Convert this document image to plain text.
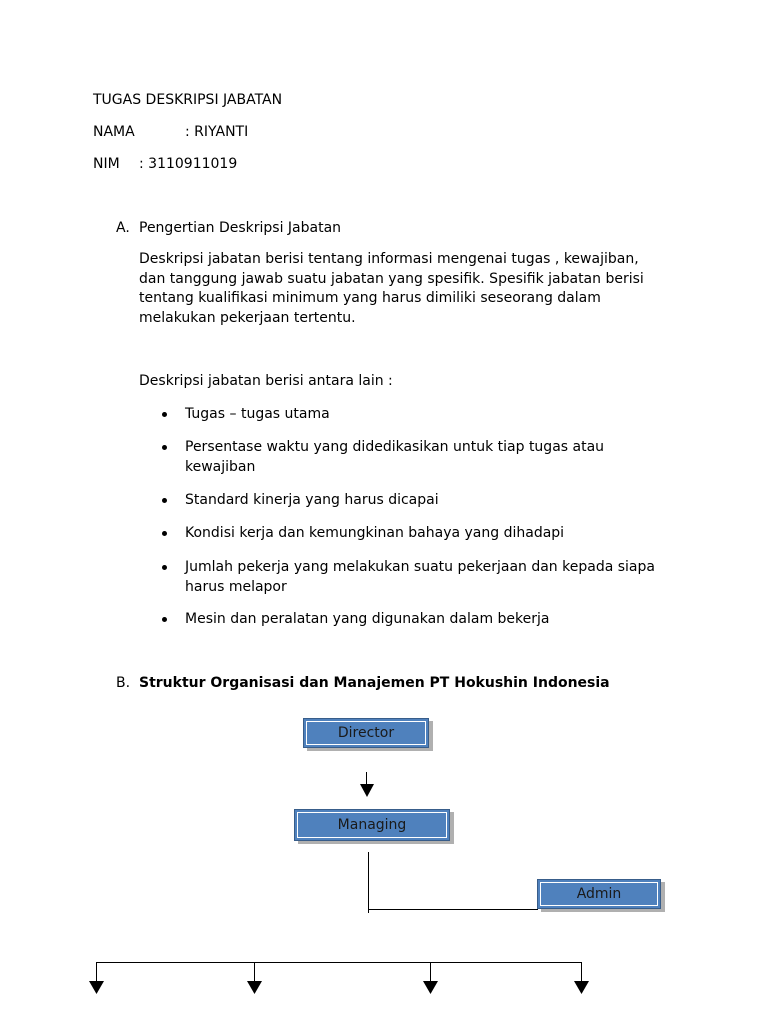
TUGAS DESKRIPSI JABATAN
NAMA	: RIYANTI
NIM : 3110911019
A. Pengertian Deskripsi Jabatan
Deskripsi jabatan berisi tentang informasi mengenai tugas , kewajiban,
dan tanggung jawab suatu jabatan yang spesifik. Spesifik jabatan berisi
tentang kualifikasi minimum yang harus dimiliki seseorang dalam
melakukan pekerjaan tertentu.
Deskripsi jabatan berisi antara lain :
Tugas – tugas utama
Persentase waktu yang didedikasikan untuk tiap tugas atau
kewajiban
Standard kinerja yang harus dicapai
Kondisi kerja dan kemungkinan bahaya yang dihadapi
Jumlah pekerja yang melakukan suatu pekerjaan dan kepada siapa
harus melapor
Mesin dan peralatan yang digunakan dalam bekerja
B. Struktur Organisasi dan Manajemen PT Hokushin Indonesia
Director
Managing
Admin
